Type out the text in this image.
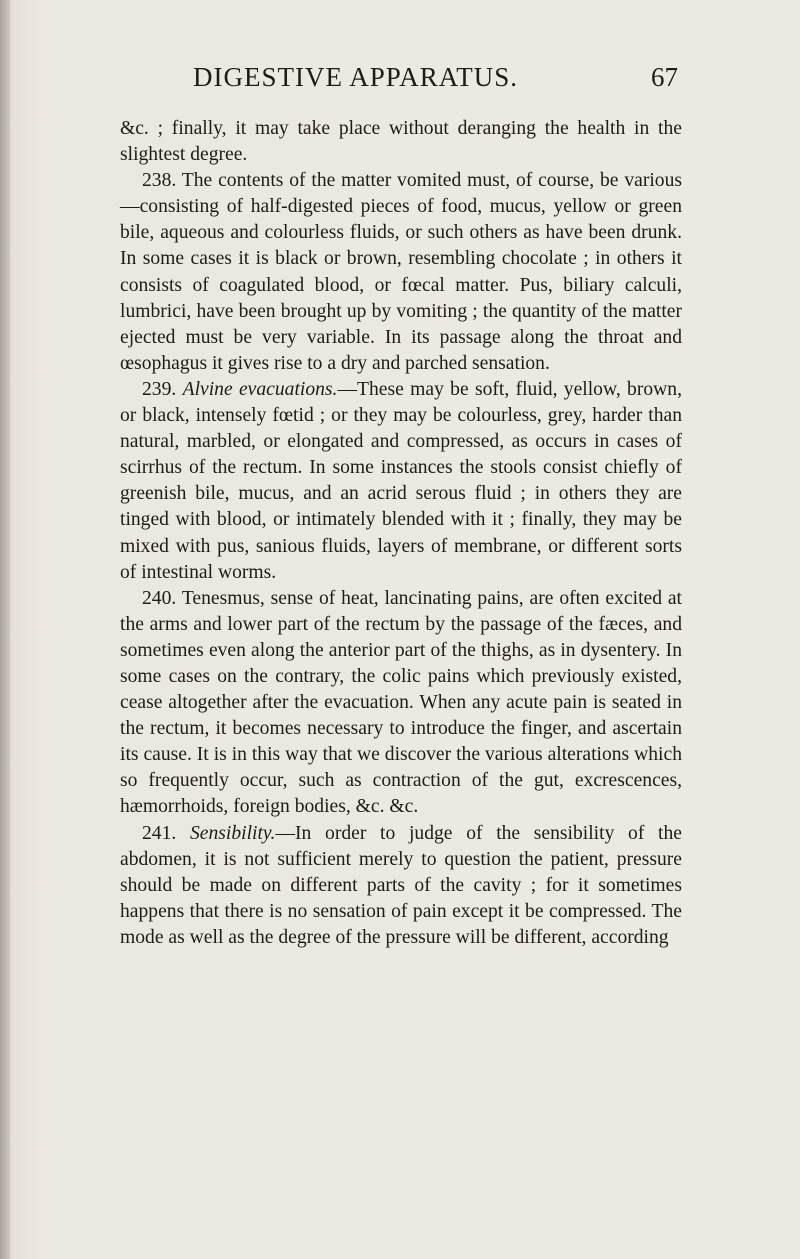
DIGESTIVE APPARATUS.	67

&c. ; finally, it may take place without deranging the health in the slightest degree.

238. The contents of the matter vomited must, of course, be various—consisting of half-digested pieces of food, mucus, yellow or green bile, aqueous and colourless fluids, or such others as have been drunk. In some cases it is black or brown, resembling chocolate ; in others it consists of coagulated blood, or fœcal matter. Pus, biliary calculi, lumbrici, have been brought up by vomiting ; the quantity of the matter ejected must be very variable. In its passage along the throat and œsophagus it gives rise to a dry and parched sensation.

239. Alvine evacuations.—These may be soft, fluid, yellow, brown, or black, intensely fœtid ; or they may be colourless, grey, harder than natural, marbled, or elongated and compressed, as occurs in cases of scirrhus of the rectum. In some instances the stools consist chiefly of greenish bile, mucus, and an acrid serous fluid ; in others they are tinged with blood, or intimately blended with it ; finally, they may be mixed with pus, sanious fluids, layers of membrane, or different sorts of intestinal worms.

240. Tenesmus, sense of heat, lancinating pains, are often excited at the arms and lower part of the rectum by the passage of the fæces, and sometimes even along the anterior part of the thighs, as in dysentery. In some cases on the contrary, the colic pains which previously existed, cease altogether after the evacuation. When any acute pain is seated in the rectum, it becomes necessary to introduce the finger, and ascertain its cause. It is in this way that we discover the various alterations which so frequently occur, such as contraction of the gut, excrescences, hæmorrhoids, foreign bodies, &c. &c.

241. Sensibility.—In order to judge of the sensibility of the abdomen, it is not sufficient merely to question the patient, pressure should be made on different parts of the cavity ; for it sometimes happens that there is no sensation of pain except it be compressed. The mode as well as the degree of the pressure will be different, according
